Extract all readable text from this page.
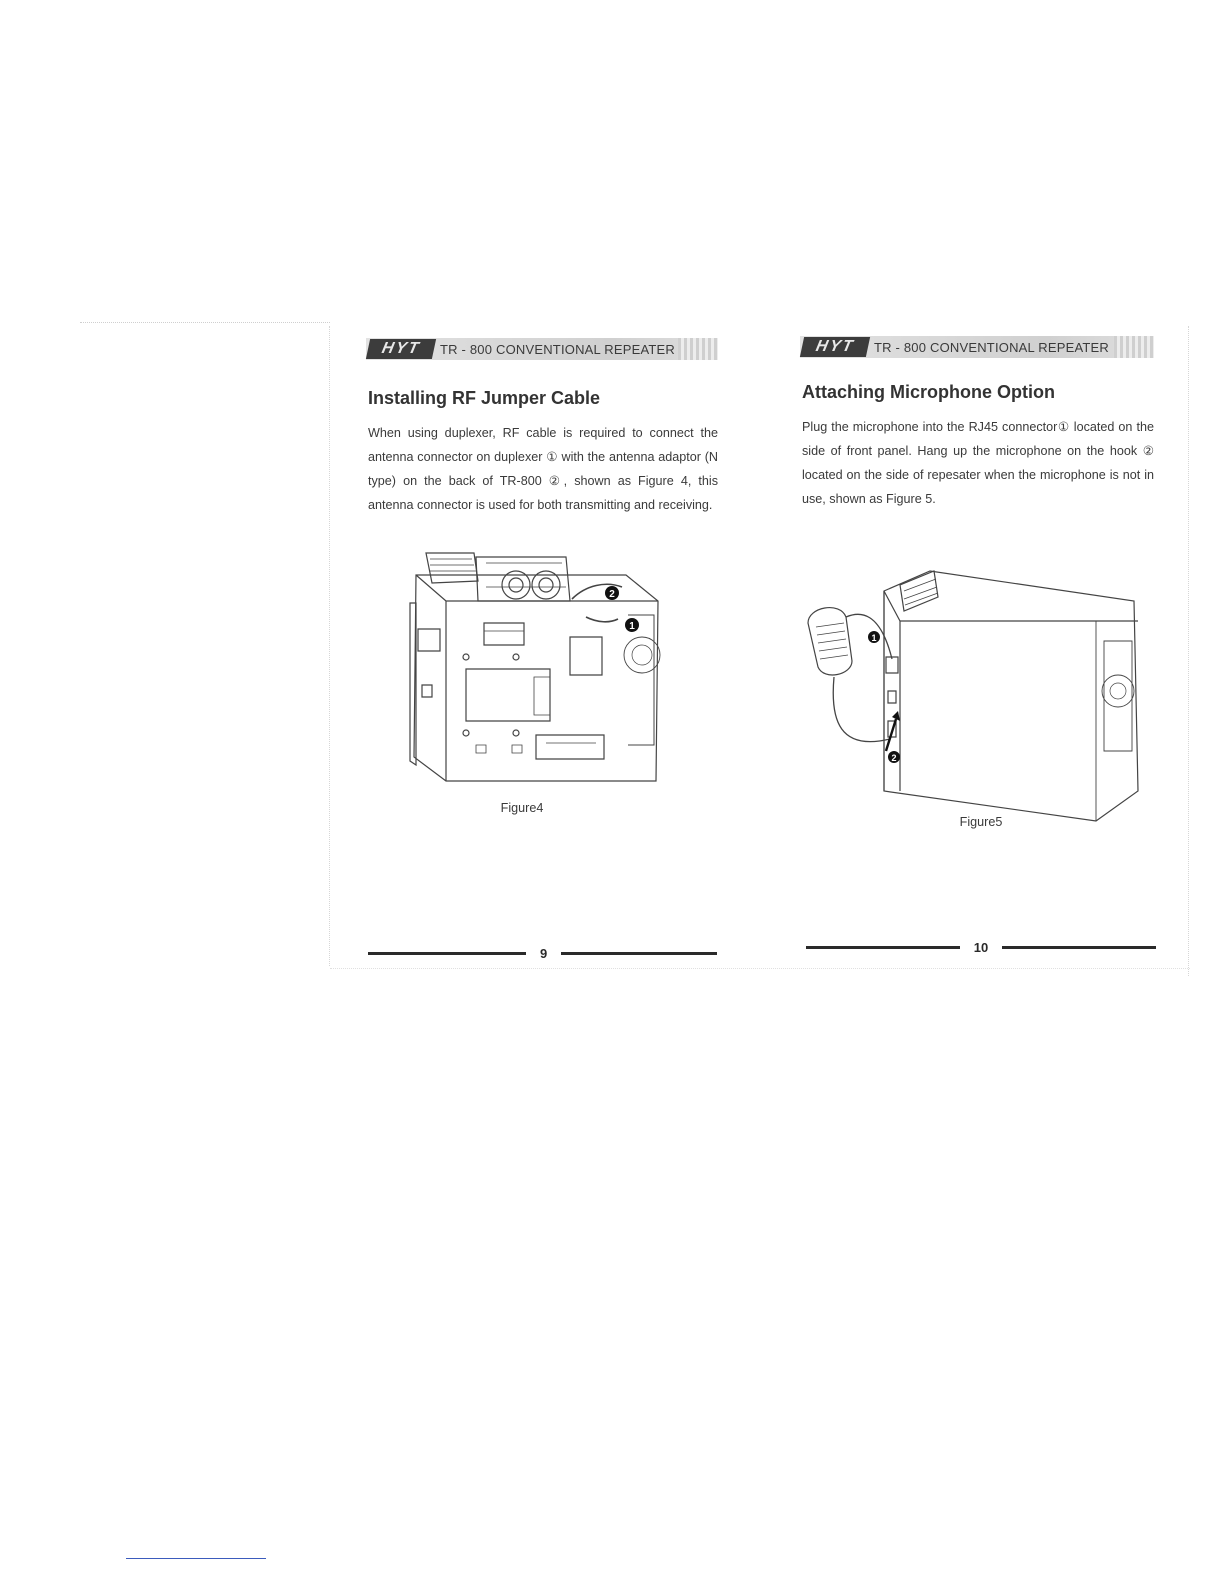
HYT	TR - 800 CONVENTIONAL REPEATER
Installing RF Jumper Cable

When using duplexer, RF cable is required to connect the antenna connector on duplexer ① with the antenna adaptor (N type) on the back of TR-800 ②, shown as Figure 4, this antenna connector is used for both transmitting and receiving.

2
1
Figure4
9
HYT	TR - 800 CONVENTIONAL REPEATER
Attaching Microphone Option

Plug the microphone into the RJ45 connector① located on the side of front panel. Hang up the microphone on the hook ② located on the side of repesater when the microphone is not in use, shown as Figure 5.

1
2
Figure5
10
